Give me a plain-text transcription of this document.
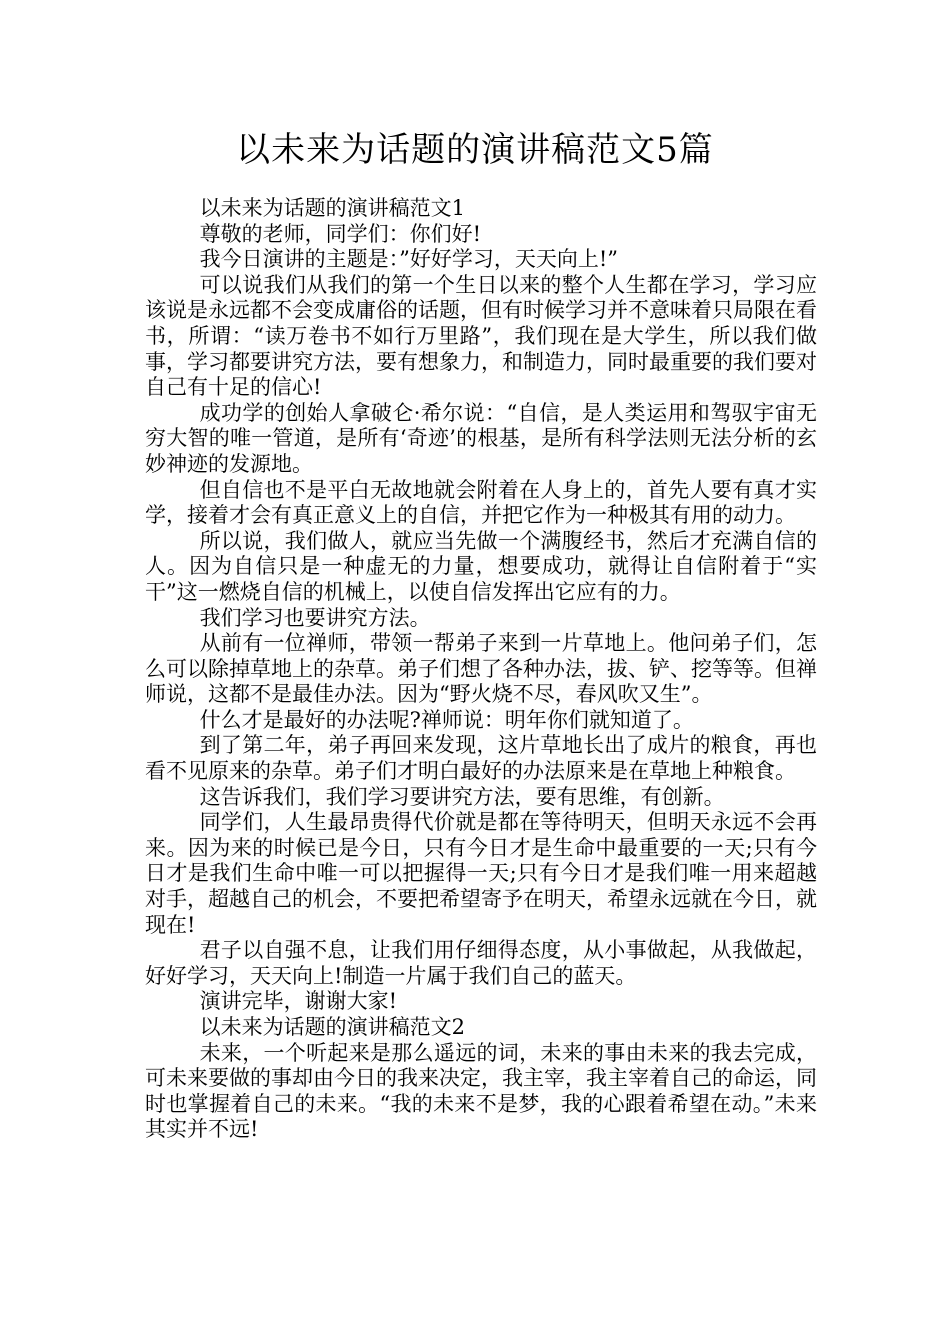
以未来为话题的演讲稿范文5篇

以未来为话题的演讲稿范文1

尊敬的老师，同学们：你们好!

我今日演讲的主题是：”好好学习，天天向上!”

可以说我们从我们的第一个生日以来的整个人生都在学习，学习应该说是永远都不会变成庸俗的话题，但有时候学习并不意味着只局限在看书，所谓：“读万卷书不如行万里路”，我们现在是大学生，所以我们做事，学习都要讲究方法，要有想象力，和制造力，同时最重要的我们要对自己有十足的信心!

成功学的创始人拿破仑·希尔说：“自信，是人类运用和驾驭宇宙无穷大智的唯一管道，是所有‘奇迹’的根基，是所有科学法则无法分析的玄妙神迹的发源地。

但自信也不是平白无故地就会附着在人身上的，首先人要有真才实学，接着才会有真正意义上的自信，并把它作为一种极其有用的动力。

所以说，我们做人，就应当先做一个满腹经书，然后才充满自信的人。因为自信只是一种虚无的力量，想要成功，就得让自信附着于“实干”这一燃烧自信的机械上，以使自信发挥出它应有的力。

我们学习也要讲究方法。

从前有一位禅师，带领一帮弟子来到一片草地上。他问弟子们，怎么可以除掉草地上的杂草。弟子们想了各种办法，拔、铲、挖等等。但禅师说，这都不是最佳办法。因为“野火烧不尽，春风吹又生”。

什么才是最好的办法呢?禅师说：明年你们就知道了。

到了第二年，弟子再回来发现，这片草地长出了成片的粮食，再也看不见原来的杂草。弟子们才明白最好的办法原来是在草地上种粮食。

这告诉我们，我们学习要讲究方法，要有思维，有创新。

同学们，人生最昂贵得代价就是都在等待明天，但明天永远不会再来。因为来的时候已是今日，只有今日才是生命中最重要的一天;只有今日才是我们生命中唯一可以把握得一天;只有今日才是我们唯一用来超越对手，超越自己的机会，不要把希望寄予在明天，希望永远就在今日，就现在!

君子以自强不息，让我们用仔细得态度，从小事做起，从我做起，好好学习，天天向上!制造一片属于我们自己的蓝天。

演讲完毕，谢谢大家!

以未来为话题的演讲稿范文2

未来，一个听起来是那么遥远的词，未来的事由未来的我去完成，可未来要做的事却由今日的我来决定，我主宰，我主宰着自己的命运，同时也掌握着自己的未来。“我的未来不是梦，我的心跟着希望在动。”未来其实并不远!
